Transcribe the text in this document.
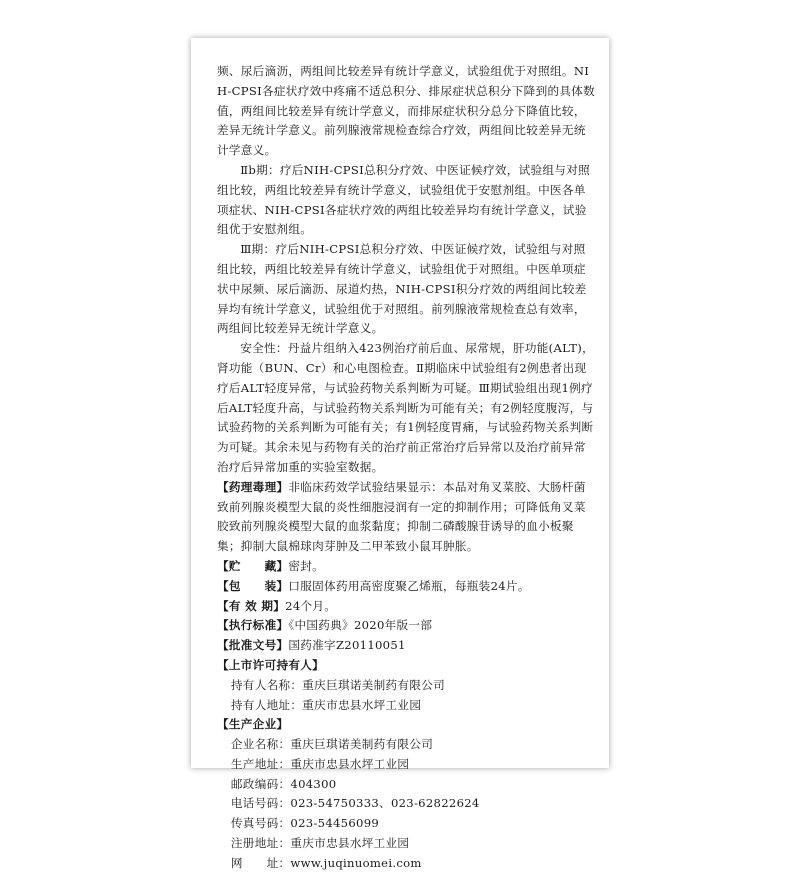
频、尿后滴沥，两组间比较差异有统计学意义，试验组优于对照组。NIH-CPSI各症状疗效中疼痛不适总积分、排尿症状总积分下降到的具体数值，两组间比较差异有统计学意义，而排尿症状积分总分下降值比较，差异无统计学意义。前列腺液常规检查综合疗效，两组间比较差异无统计学意义。

Ⅱb期：疗后NIH-CPSI总积分疗效、中医证候疗效，试验组与对照组比较，两组比较差异有统计学意义，试验组优于安慰剂组。中医各单项症状、NIH-CPSI各症状疗效的两组比较差异均有统计学意义，试验组优于安慰剂组。

Ⅲ期：疗后NIH-CPSI总积分疗效、中医证候疗效，试验组与对照组比较，两组比较差异有统计学意义，试验组优于对照组。中医单项症状中尿频、尿后滴沥、尿道灼热，NIH-CPSI积分疗效的两组间比较差异均有统计学意义，试验组优于对照组。前列腺液常规检查总有效率，两组间比较差异无统计学意义。

安全性：丹益片组纳入423例治疗前后血、尿常规，肝功能(ALT)，肾功能（BUN、Cr）和心电图检查。Ⅱ期临床中试验组有2例患者出现疗后ALT轻度异常，与试验药物关系判断为可疑。Ⅲ期试验组出现1例疗后ALT轻度升高，与试验药物关系判断为可能有关；有2例轻度腹泻，与试验药物的关系判断为可能有关；有1例轻度胃痛，与试验药物关系判断为可疑。其余未见与药物有关的治疗前正常治疗后异常以及治疗前异常治疗后异常加重的实验室数据。

【药理毒理】非临床药效学试验结果显示：本品对角叉菜胶、大肠杆菌致前列腺炎模型大鼠的炎性细胞浸润有一定的抑制作用；可降低角叉菜胶致前列腺炎模型大鼠的血浆黏度；抑制二磷酸腺苷诱导的血小板聚集；抑制大鼠棉球肉芽肿及二甲苯致小鼠耳肿胀。

【贮　　藏】密封。

【包　　装】口服固体药用高密度聚乙烯瓶，每瓶装24片。

【有 效 期】24个月。

【执行标准】《中国药典》2020年版一部

【批准文号】国药准字Z20110051

【上市许可持有人】

持有人名称：重庆巨琪诺美制药有限公司

持有人地址：重庆市忠县水坪工业园

【生产企业】

企业名称：重庆巨琪诺美制药有限公司

生产地址：重庆市忠县水坪工业园

邮政编码：404300

电话号码：023-54750333、023-62822624

传真号码：023-54456099

注册地址：重庆市忠县水坪工业园

网　　址：www.juqinuomei.com
